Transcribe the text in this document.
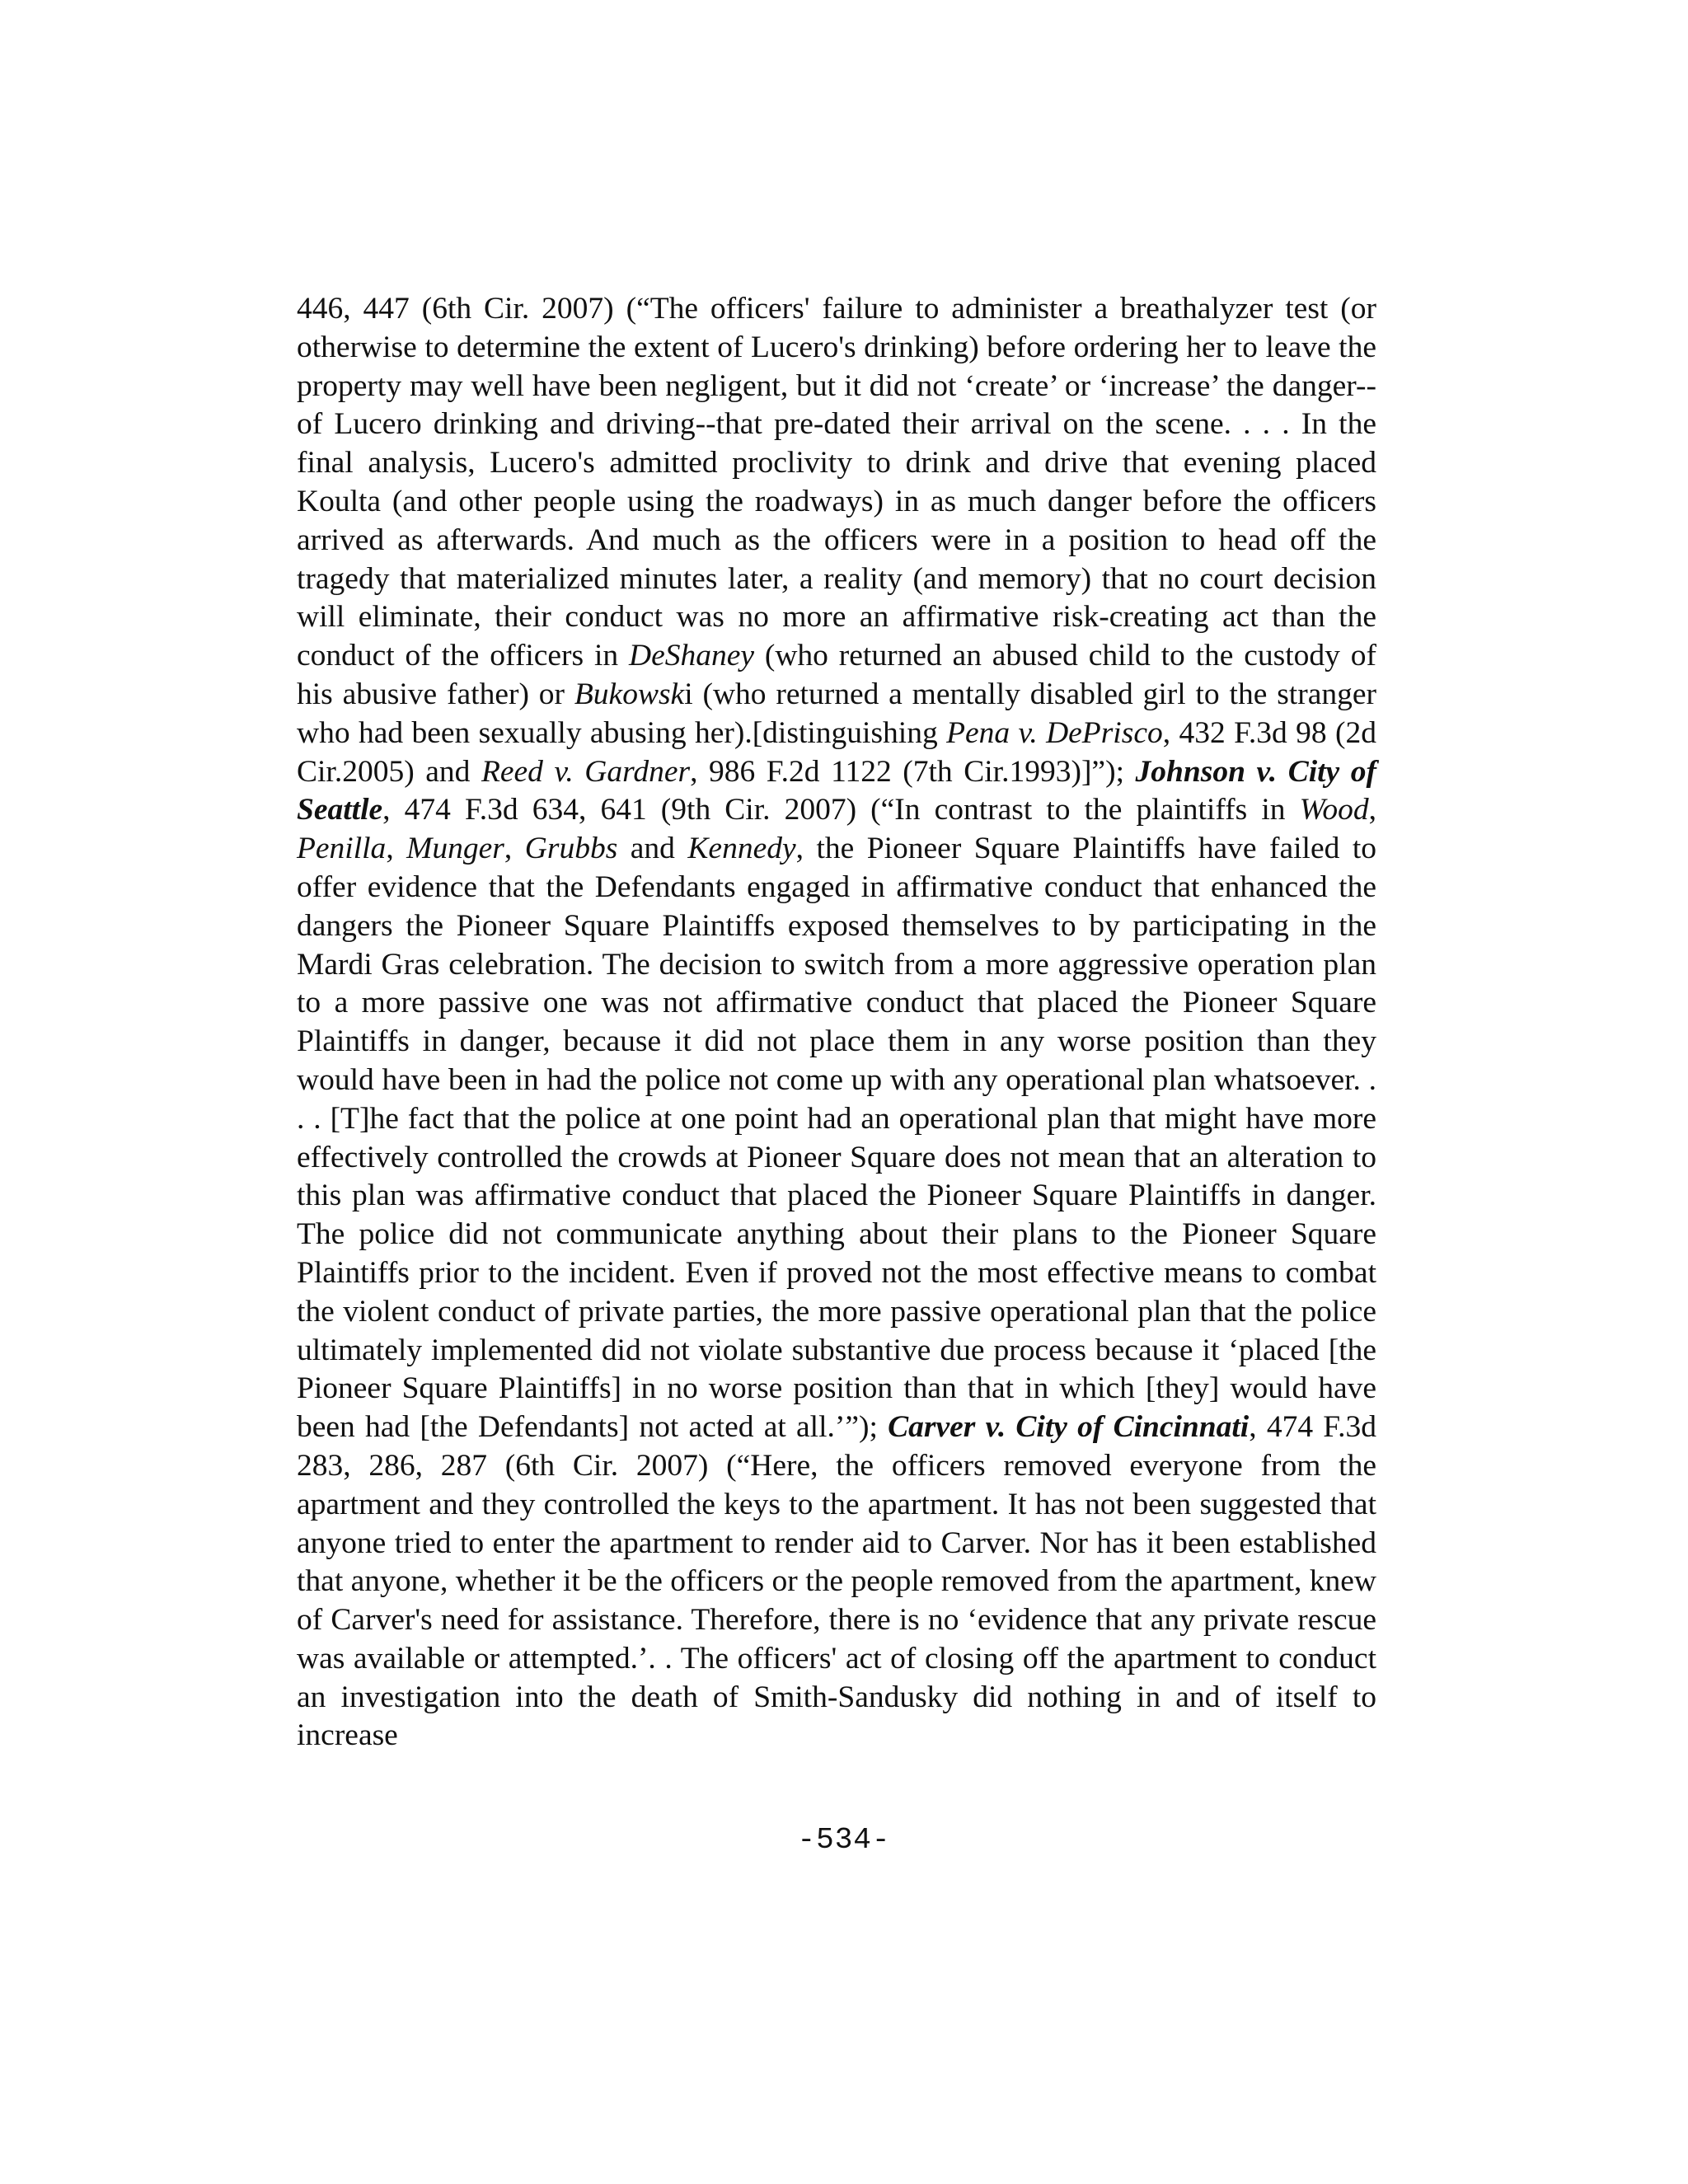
446, 447 (6th Cir. 2007) (“The officers' failure to administer a breathalyzer test (or otherwise to determine the extent of Lucero's drinking) before ordering her to leave the property may well have been negligent, but it did not ‘create’ or ‘increase’ the danger--of Lucero drinking and driving--that pre-dated their arrival on the scene. . . . In the final analysis, Lucero's admitted proclivity to drink and drive that evening placed Koulta (and other people using the roadways) in as much danger before the officers arrived as afterwards. And much as the officers were in a position to head off the tragedy that materialized minutes later, a reality (and memory) that no court decision will eliminate, their conduct was no more an affirmative risk-creating act than the conduct of the officers in DeShaney (who returned an abused child to the custody of his abusive father) or Bukowski (who returned a mentally disabled girl to the stranger who had been sexually abusing her).[distinguishing Pena v. DePrisco, 432 F.3d 98 (2d Cir.2005) and Reed v. Gardner, 986 F.2d 1122 (7th Cir.1993)]”); Johnson v. City of Seattle, 474 F.3d 634, 641 (9th Cir. 2007) (“In contrast to the plaintiffs in Wood, Penilla, Munger, Grubbs and Kennedy, the Pioneer Square Plaintiffs have failed to offer evidence that the Defendants engaged in affirmative conduct that enhanced the dangers the Pioneer Square Plaintiffs exposed themselves to by participating in the Mardi Gras celebration. The decision to switch from a more aggressive operation plan to a more passive one was not affirmative conduct that placed the Pioneer Square Plaintiffs in danger, because it did not place them in any worse position than they would have been in had the police not come up with any operational plan whatsoever. . . . [T]he fact that the police at one point had an operational plan that might have more effectively controlled the crowds at Pioneer Square does not mean that an alteration to this plan was affirmative conduct that placed the Pioneer Square Plaintiffs in danger. The police did not communicate anything about their plans to the Pioneer Square Plaintiffs prior to the incident. Even if proved not the most effective means to combat the violent conduct of private parties, the more passive operational plan that the police ultimately implemented did not violate substantive due process because it ‘placed [the Pioneer Square Plaintiffs] in no worse position than that in which [they] would have been had [the Defendants] not acted at all.’”); Carver v. City of Cincinnati, 474 F.3d 283, 286, 287 (6th Cir. 2007) (“Here, the officers removed everyone from the apartment and they controlled the keys to the apartment. It has not been suggested that anyone tried to enter the apartment to render aid to Carver. Nor has it been established that anyone, whether it be the officers or the people removed from the apartment, knew of Carver's need for assistance. Therefore, there is no ‘evidence that any private rescue was available or attempted.’. . The officers' act of closing off the apartment to conduct an investigation into the death of Smith-Sandusky did nothing in and of itself to increase

-534-
